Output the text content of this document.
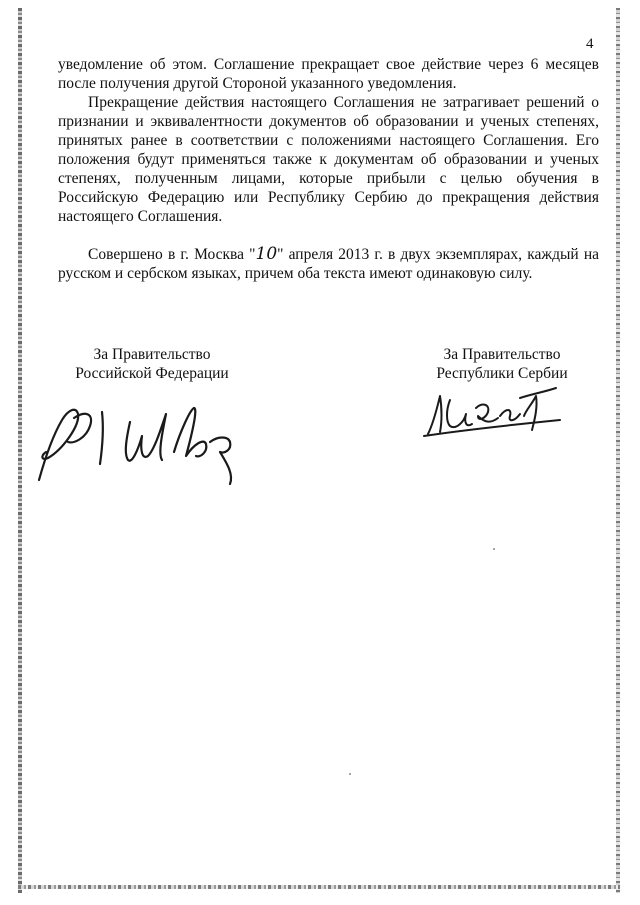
4

уведомление об этом. Соглашение прекращает свое действие через 6 месяцев после получения другой Стороной указанного уведомления.

Прекращение действия настоящего Соглашения не затрагивает решений о признании и эквивалентности документов об образовании и ученых степенях, принятых ранее в соответствии с положениями настоящего Соглашения. Его положения будут применяться также к документам об образовании и ученых степенях, полученным лицами, которые прибыли с целью обучения в Российскую Федерацию или Республику Сербию до прекращения действия настоящего Соглашения.

Совершено в г. Москва "10" апреля 2013 г. в двух экземплярах, каждый на русском и сербском языках, причем оба текста имеют одинаковую силу.

За Правительство
Российской Федерации
За Правительство
Республики Сербии
